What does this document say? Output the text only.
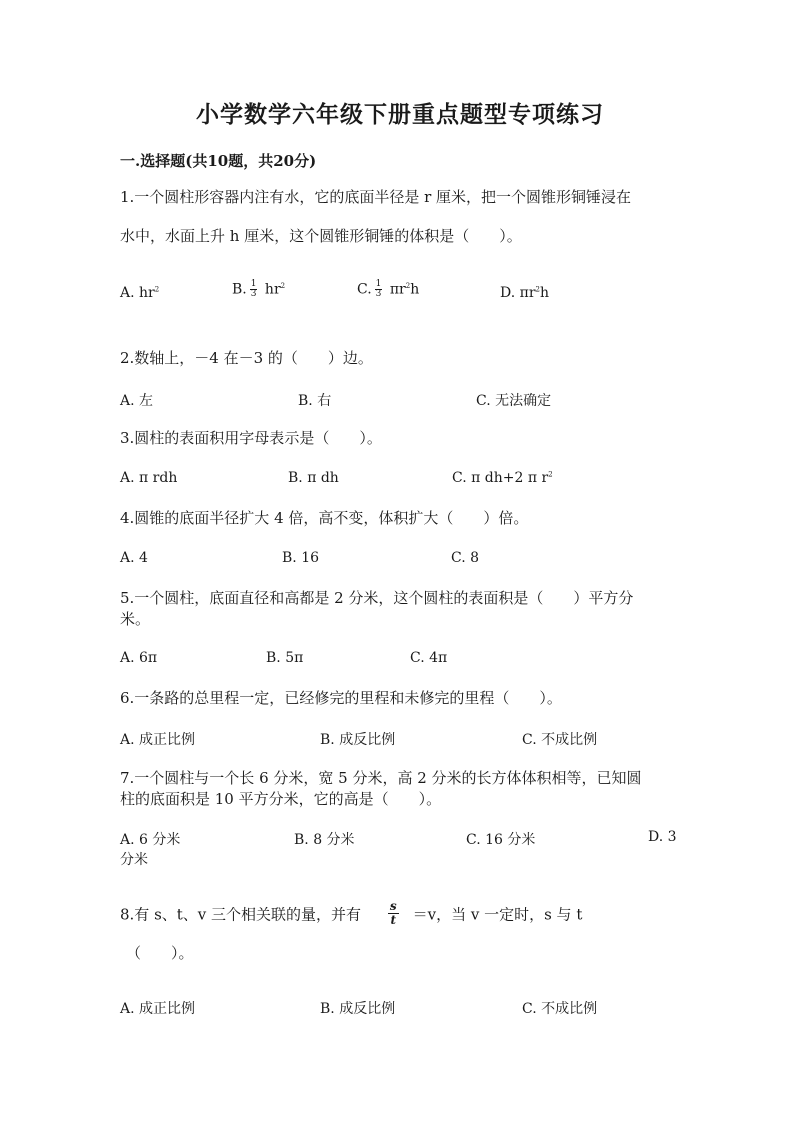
小学数学六年级下册重点题型专项练习
一.选择题(共10题，共20分)
1.一个圆柱形容器内注有水，它的底面半径是 r 厘米，把一个圆锥形铜锤浸在
水中，水面上升 h 厘米，这个圆锥形铜锤的体积是（　　）。
A. $hr^2$	B. $\frac{1}{3} hr^2$	C. $\frac{1}{3} \pi r^2h$	D. $\pi r^2h$
2.数轴上，－4 在－3 的（　　）边。
A. 左	B. 右	C. 无法确定
3.圆柱的表面积用字母表示是（　　）。
A. π rdh	B. π dh	C. π dh+2 π $r^2$
4.圆锥的底面半径扩大 4 倍，高不变，体积扩大（　　）倍。
A. 4	B. 16	C. 8
5.一个圆柱，底面直径和高都是 2 分米，这个圆柱的表面积是（　　）平方分
米。
A. 6π	B. 5π	C. 4π
6.一条路的总里程一定，已经修完的里程和未修完的里程（　　）。
A. 成正比例	B. 成反比例	C. 不成比例
7.一个圆柱与一个长 6 分米，宽 5 分米，高 2 分米的长方体体积相等，已知圆
柱的底面积是 10 平方分米，它的高是（　　）。
A. 6 分米	B. 8 分米	C. 16 分米	D. 3
分米
8.有 s、t、v 三个相关联的量，并有 $\frac{s}{t} =v$，当 v 一定时，s 与 t
（　　）。
A. 成正比例	B. 成反比例	C. 不成比例
